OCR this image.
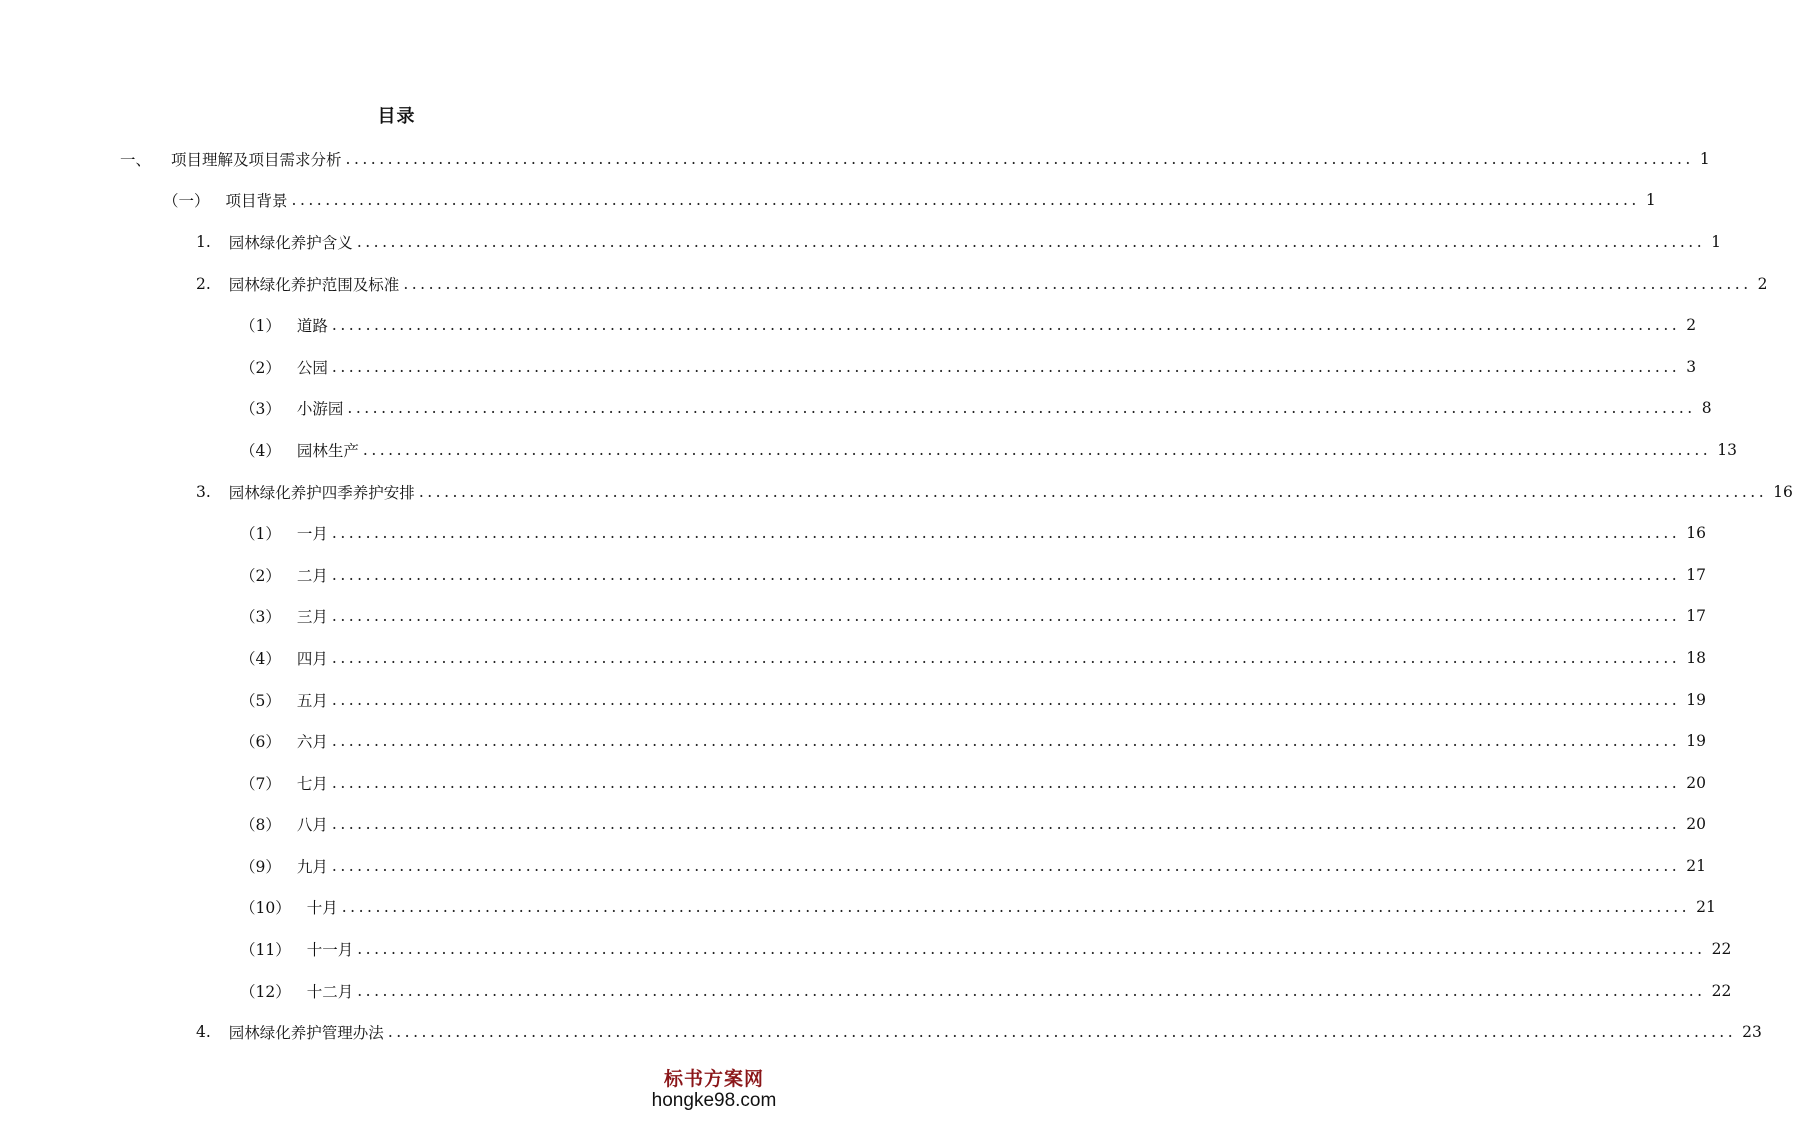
目录
一、 项目理解及项目需求分析 ................................................................................................................................................................ 1
（一） 项目背景 ................................................................................................................................................................ 1
1. 园林绿化养护含义 ................................................................................................................................................................ 1
2. 园林绿化养护范围及标准 ................................................................................................................................................................ 2
（1） 道路 ................................................................................................................................................................ 2
（2） 公园 ................................................................................................................................................................ 3
（3） 小游园 ................................................................................................................................................................ 8
（4） 园林生产 ................................................................................................................................................................ 13
3. 园林绿化养护四季养护安排 ................................................................................................................................................................ 16
（1） 一月 ................................................................................................................................................................ 16
（2） 二月 ................................................................................................................................................................ 17
（3） 三月 ................................................................................................................................................................ 17
（4） 四月 ................................................................................................................................................................ 18
（5） 五月 ................................................................................................................................................................ 19
（6） 六月 ................................................................................................................................................................ 19
（7） 七月 ................................................................................................................................................................ 20
（8） 八月 ................................................................................................................................................................ 20
（9） 九月 ................................................................................................................................................................ 21
（10） 十月 ................................................................................................................................................................ 21
（11） 十一月 ................................................................................................................................................................ 22
（12） 十二月 ................................................................................................................................................................ 22
4. 园林绿化养护管理办法 ................................................................................................................................................................ 23
标书方案网
hongke98.com
